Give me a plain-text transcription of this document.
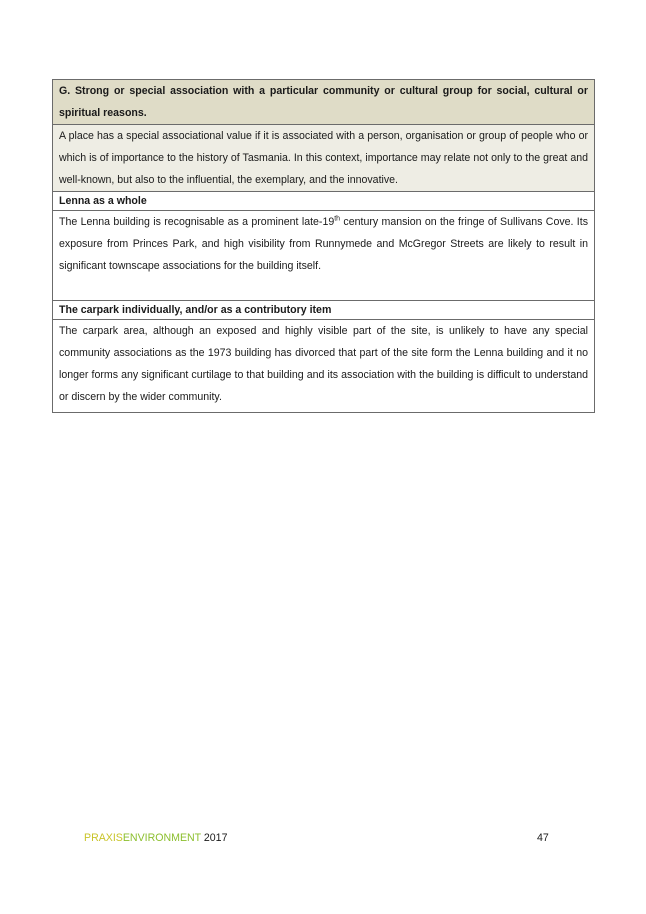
G. Strong or special association with a particular community or cultural group for social, cultural or spiritual reasons.
A place has a special associational value if it is associated with a person, organisation or group of people who or which is of importance to the history of Tasmania. In this context, importance may relate not only to the great and well-known, but also to the influential, the exemplary, and the innovative.
Lenna as a whole
The Lenna building is recognisable as a prominent late-19th century mansion on the fringe of Sullivans Cove. Its exposure from Princes Park, and high visibility from Runnymede and McGregor Streets are likely to result in significant townscape associations for the building itself.
The carpark individually, and/or as a contributory item
The carpark area, although an exposed and highly visible part of the site, is unlikely to have any special community associations as the 1973 building has divorced that part of the site form the Lenna building and it no longer forms any significant curtilage to that building and its association with the building is difficult to understand or discern by the wider community.
PRAXISENVIRONMENT 2017	47
